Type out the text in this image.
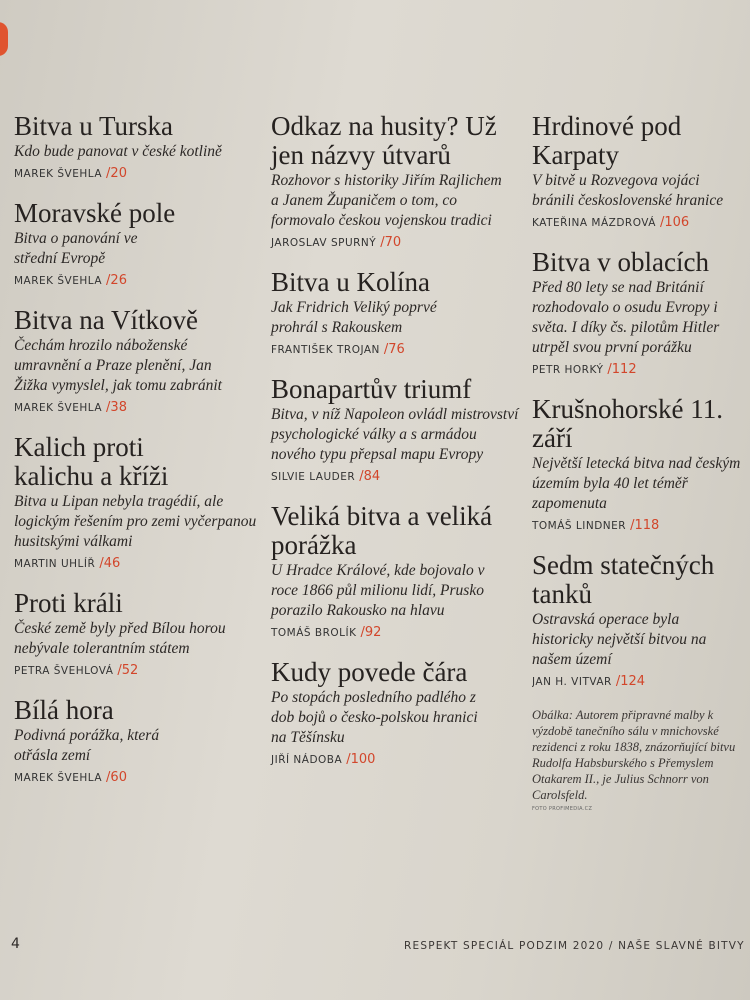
Bitva u Turska

Kdo bude panovat v české kotlině

MAREK ŠVEHLA /20
Moravské pole

Bitva o panování ve střední Evropě

MAREK ŠVEHLA /26
Bitva na Vítkově

Čechám hrozilo náboženské umravnění a Praze plenění, Jan Žižka vymyslel, jak tomu zabránit

MAREK ŠVEHLA /38
Kalich proti kalichu a kříži

Bitva u Lipan nebyla tragédií, ale logickým řešením pro zemi vyčerpanou husitskými válkami

MARTIN UHLÍŘ /46
Proti králi

České země byly před Bílou horou nebývale tolerantním státem

PETRA ŠVEHLOVÁ /52
Bílá hora

Podivná porážka, která otřásla zemí

MAREK ŠVEHLA /60
Odkaz na husity? Už jen názvy útvarů

Rozhovor s historiky Jiřím Rajlichem a Janem Županičem o tom, co formovalo českou vojenskou tradici

JAROSLAV SPURNÝ /70
Bitva u Kolína

Jak Fridrich Veliký poprvé prohrál s Rakouskem

FRANTIŠEK TROJAN /76
Bonapartův triumf

Bitva, v níž Napoleon ovládl mistrovství psychologické války a s armádou nového typu přepsal mapu Evropy

SILVIE LAUDER /84
Veliká bitva a veliká porážka

U Hradce Králové, kde bojovalo v roce 1866 půl milionu lidí, Prusko porazilo Rakousko na hlavu

TOMÁŠ BROLÍK /92
Kudy povede čára

Po stopách posledního padlého z dob bojů o česko-polskou hranici na Těšínsku

JIŘÍ NÁDOBA /100
Hrdinové pod Karpaty

V bitvě u Rozvegova vojáci bránili československé hranice

KATEŘINA MÁZDROVÁ /106
Bitva v oblacích

Před 80 lety se nad Británií rozhodovalo o osudu Evropy i světa. I díky čs. pilotům Hitler utrpěl svou první porážku

PETR HORKÝ /112
Krušnohorské 11. září

Největší letecká bitva nad českým územím byla 40 let téměř zapomenuta

TOMÁŠ LINDNER /118
Sedm statečných tanků

Ostravská operace byla historicky největší bitvou na našem území

JAN H. VITVAR /124
Obálka: Autorem připravné malby k výzdobě tanečního sálu v mnichovské rezidenci z roku 1838, znázorňující bitvu Rudolfa Habsburského s Přemyslem Otakarem II., je Julius Schnorr von Carolsfeld.
FOTO PROFIMEDIA.CZ
4	RESPEKT SPECIÁL PODZIM 2020 / NAŠE SLAVNÉ BITVY
